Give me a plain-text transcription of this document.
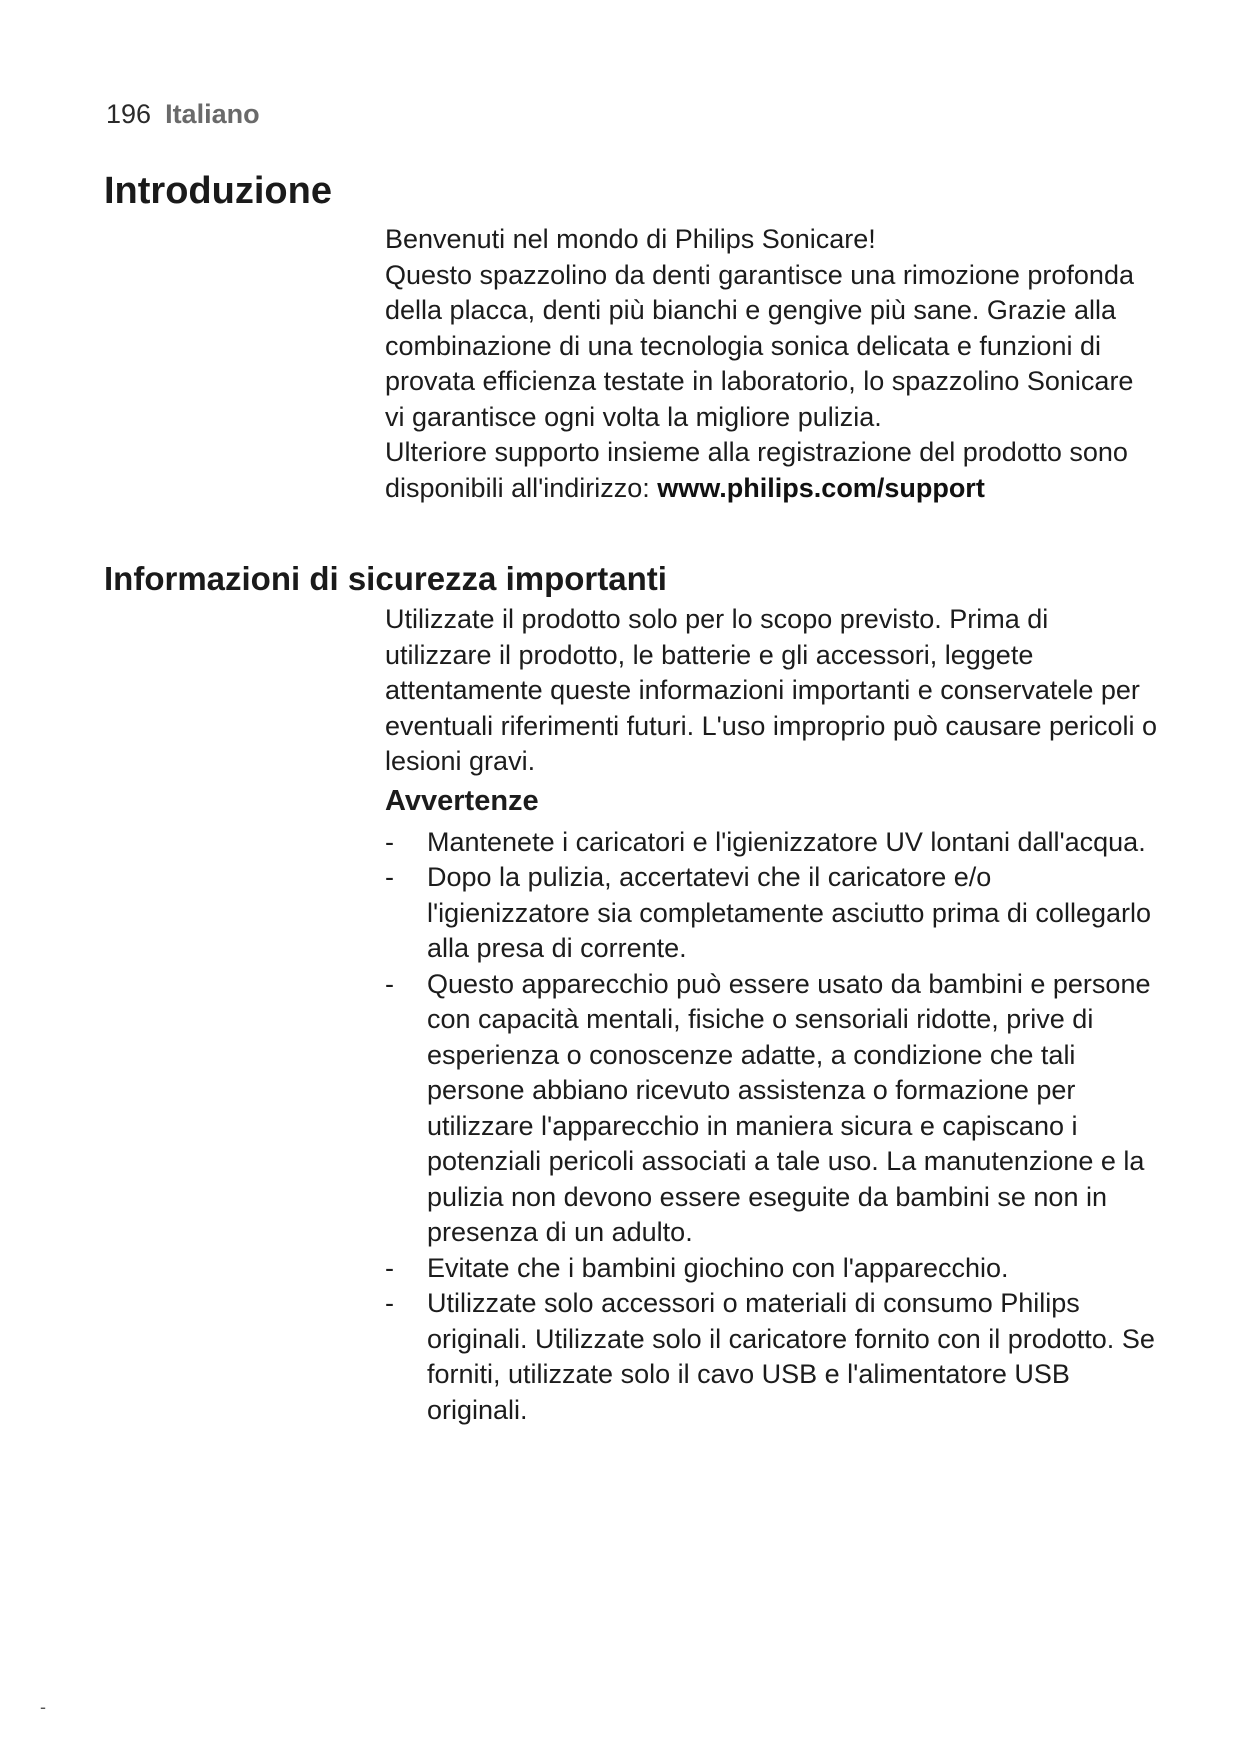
196 Italiano
Introduzione

Benvenuti nel mondo di Philips Sonicare!

Questo spazzolino da denti garantisce una rimozione profonda della placca, denti più bianchi e gengive più sane. Grazie alla combinazione di una tecnologia sonica delicata e funzioni di provata efficienza testate in laboratorio, lo spazzolino Sonicare vi garantisce ogni volta la migliore pulizia.

Ulteriore supporto insieme alla registrazione del prodotto sono disponibili all'indirizzo: www.philips.com/support

Informazioni di sicurezza importanti

Utilizzate il prodotto solo per lo scopo previsto. Prima di utilizzare il prodotto, le batterie e gli accessori, leggete attentamente queste informazioni importanti e conservatele per eventuali riferimenti futuri. L'uso improprio può causare pericoli o lesioni gravi.

Avvertenze
- Mantenete i caricatori e l'igienizzatore UV lontani dall'acqua.
- Dopo la pulizia, accertatevi che il caricatore e/o l'igienizzatore sia completamente asciutto prima di collegarlo alla presa di corrente.
- Questo apparecchio può essere usato da bambini e persone con capacità mentali, fisiche o sensoriali ridotte, prive di esperienza o conoscenze adatte, a condizione che tali persone abbiano ricevuto assistenza o formazione per utilizzare l'apparecchio in maniera sicura e capiscano i potenziali pericoli associati a tale uso. La manutenzione e la pulizia non devono essere eseguite da bambini se non in presenza di un adulto.
- Evitate che i bambini giochino con l'apparecchio.
- Utilizzate solo accessori o materiali di consumo Philips originali. Utilizzate solo il caricatore fornito con il prodotto. Se forniti, utilizzate solo il cavo USB e l'alimentatore USB originali.
-
